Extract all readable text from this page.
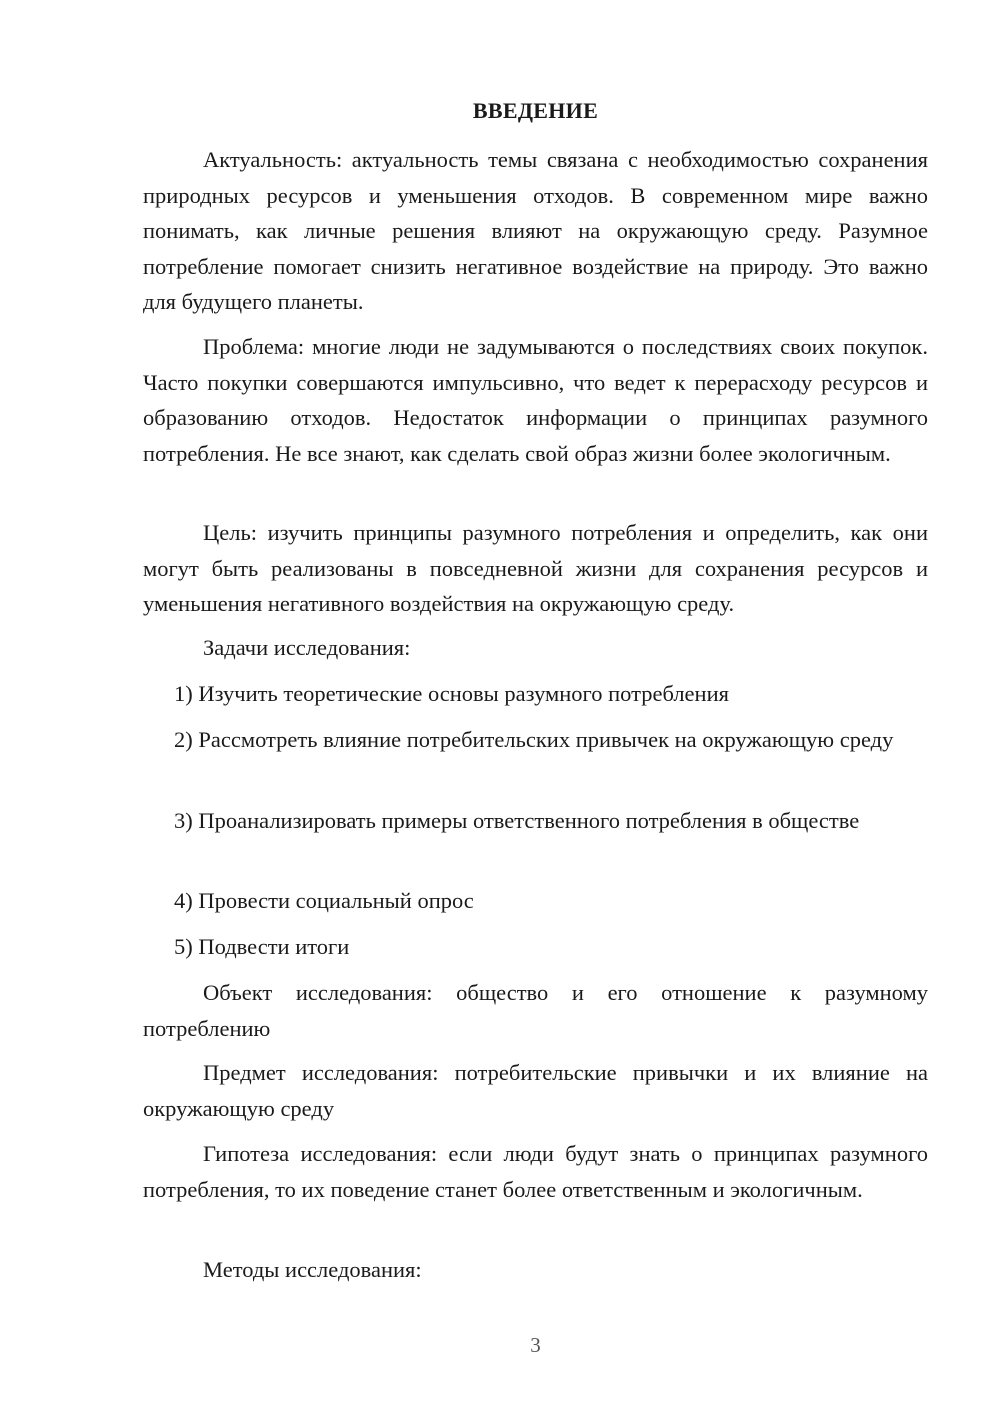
ВВЕДЕНИЕ

Актуальность: актуальность темы связана с необходимостью сохранения природных ресурсов и уменьшения отходов. В современном мире важно понимать, как личные решения влияют на окружающую среду. Разумное потребление помогает снизить негативное воздействие на природу. Это важно для будущего планеты.

Проблема: многие люди не задумываются о последствиях своих покупок. Часто покупки совершаются импульсивно, что ведет к перерасходу ресурсов и образованию отходов. Недостаток информации о принципах разумного потребления. Не все знают, как сделать свой образ жизни более экологичным.

Цель: изучить принципы разумного потребления и определить, как они могут быть реализованы в повседневной жизни для сохранения ресурсов и уменьшения негативного воздействия на окружающую среду.

Задачи исследования:

1) Изучить теоретические основы разумного потребления

2) Рассмотреть влияние потребительских привычек на окружающую среду

3) Проанализировать примеры ответственного потребления в обществе

4) Провести социальный опрос

5) Подвести итоги

Объект исследования: общество и его отношение к разумному потреблению

Предмет исследования: потребительские привычки и их влияние на окружающую среду

Гипотеза исследования: если люди будут знать о принципах разумного потребления, то их поведение станет более ответственным и экологичным.

Методы исследования:

3
